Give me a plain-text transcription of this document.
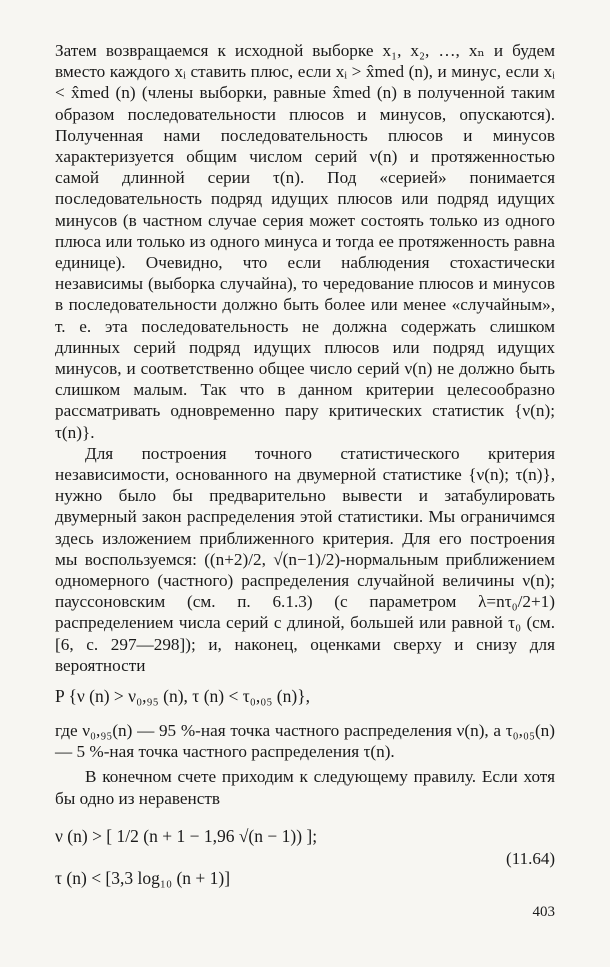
Затем возвращаемся к исходной выборке x₁, x₂, …, xₙ и будем вместо каждого xᵢ ставить плюс, если xᵢ > x̂med (n), и минус, если xᵢ < x̂med (n) (члены выборки, равные x̂med (n) в полученной таким образом последовательности плюсов и минусов, опускаются). Полученная нами последовательность плюсов и минусов характеризуется общим числом серий ν(n) и протяженностью самой длинной серии τ(n). Под «серией» понимается последовательность подряд идущих плюсов или подряд идущих минусов (в частном случае серия может состоять только из одного плюса или только из одного минуса и тогда ее протяженность равна единице). Очевидно, что если наблюдения стохастически независимы (выборка случайна), то чередование плюсов и минусов в последовательности должно быть более или менее «случайным», т. е. эта последовательность не должна содержать слишком длинных серий подряд идущих плюсов или подряд идущих минусов, и соответственно общее число серий ν(n) не должно быть слишком малым. Так что в данном критерии целесообразно рассматривать одновременно пару критических статистик {ν(n); τ(n)}.

Для построения точного статистического критерия независимости, основанного на двумерной статистике {ν(n); τ(n)}, нужно было бы предварительно вывести и затабулировать двумерный закон распределения этой статистики. Мы ограничимся здесь изложением приближенного критерия. Для его построения мы воспользуемся: ((n+2)/2, √(n−1)/2)-нормальным приближением одномерного (частного) распределения случайной величины ν(n); паусcоновским (см. п. 6.1.3) (с параметром λ=nτ₀/2+1) распределением числа серий с длиной, большей или равной τ₀ (см. [6, с. 297—298]); и, наконец, оценками сверху и снизу для вероятности

P {ν (n) > ν₀,₉₅ (n), τ (n) < τ₀,₀₅ (n)},

где ν₀,₉₅(n) — 95 %-ная точка частного распределения ν(n), а τ₀,₀₅(n) — 5 %-ная точка частного распределения τ(n).

В конечном счете приходим к следующему правилу. Если хотя бы одно из неравенств

ν (n) > [ 1/2 (n + 1 − 1,96 √(n − 1)) ];
τ (n) < [3,3 log₁₀ (n + 1)]
(11.64)
403
